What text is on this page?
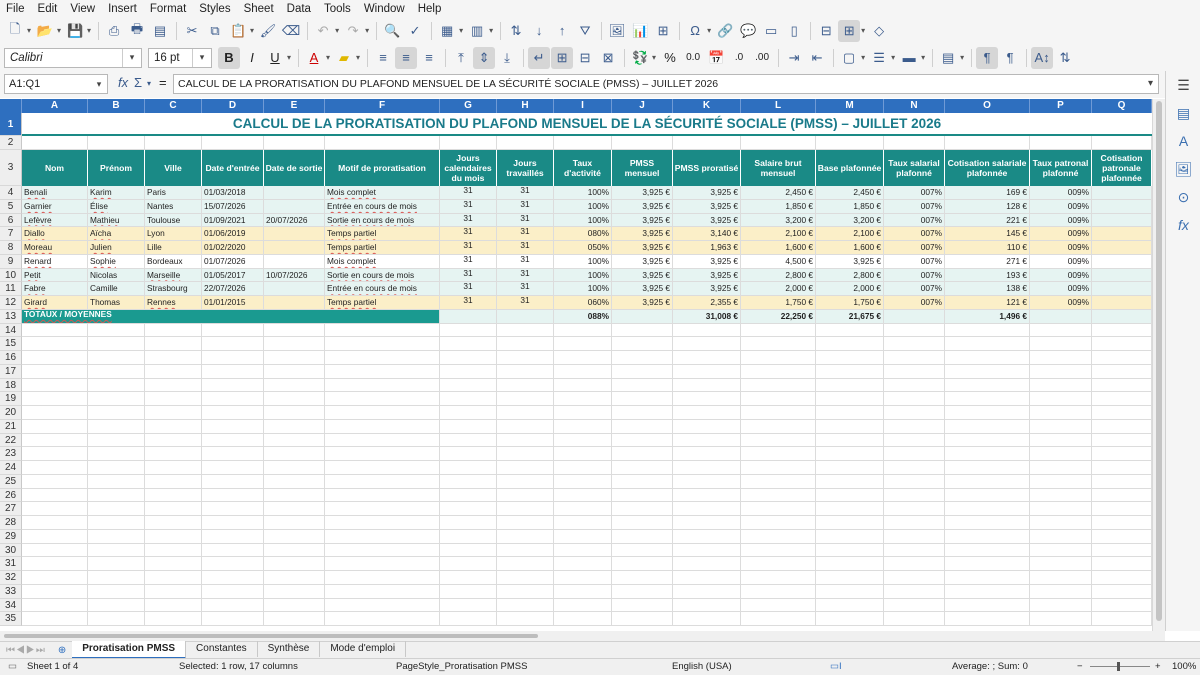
File	Edit	View	Insert	Format	Styles	Sheet	Data	Tools	Window	Help
🗋 ▾ 📂 ▾ 💾 ▾	⎙ 🖶 ▤	✂ ⧉ 📋 ▾ 🖌 ⌫	↶ ▾ ↷ ▾ 🔍 ✓	▦ ▾ ▥ ▾	⇅	↓	↑	⛛	🖼 📊 ⊞	Ω ▾ 🔗 💬 ▭	▯	⊟ ⊞ ▾ ◇
Calibri	▾	16 pt	▾	B	I	U ▾	A ▾ ▰ ▾	≡	≡	≡	⤒	⇕	⤓	↵ ⊞ ⊟ ⊠	💱 ▾ %	0.0 📅	.0	.00	⇥ ⇤	▢ ▾ ☰ ▾ ▬ ▾	▤ ▾	¶	¶	A↕ ⇅
A1:Q1	▾	fx Σ ▾ =	CALCUL DE LA PRORATISATION DU PLAFOND MENSUEL DE LA SÉCURITÉ SOCIALE (PMSS) – JUILLET 2026	▾
A	B	C	D	E	F	G	H	I	J	K	L	M	N	O	P	Q
1
2
3
4
5
6
7
8
9
10
11
12
13
14
15
16
17
18
19
20
21
22
23
24
25
26
27
28
29
30
31
32
33
34
35
CALCUL DE LA PRORATISATION DU PLAFOND MENSUEL DE LA SÉCURITÉ SOCIALE (PMSS) – JUILLET 2026
Nom	Prénom	Ville	Date d'entrée Date de sortie	Motif de proratisation
Jours calendaires du mois
Jours travaillés
Taux d'activité
PMSS mensuel	PMSS proratisé	Salaire brut mensuel	Base plafonnée Taux salarial plafonné
Cotisation salariale plafonnée
Taux patronal plafonné
Cotisation patronale plafonnée
Benali	Karim	Paris	01/03/2018	Mois complet	31	31	100%	3,925 €	3,925 €	2,450 €	2,450 €	007%	169 €	009%
Garnier	Élise	Nantes	15/07/2026	Entrée en cours de mois	31	31	100%	3,925 €	3,925 €	1,850 €	1,850 €	007%	128 €	009%
Lefèvre	Mathieu	Toulouse	01/09/2021	20/07/2026	Sortie en cours de mois	31	31	100%	3,925 €	3,925 €	3,200 €	3,200 €	007%	221 €	009%
Diallo	Aïcha	Lyon	01/06/2019	Temps partiel	31	31	080%	3,925 €	3,140 €	2,100 €	2,100 €	007%	145 €	009%
Moreau	Julien	Lille	01/02/2020	Temps partiel	31	31	050%	3,925 €	1,963 €	1,600 €	1,600 €	007%	110 €	009%
Renard	Sophie	Bordeaux	01/07/2026	Mois complet	31	31	100%	3,925 €	3,925 €	4,500 €	3,925 €	007%	271 €	009%
Petit	Nicolas	Marseille	01/05/2017	10/07/2026	Sortie en cours de mois	31	31	100%	3,925 €	3,925 €	2,800 €	2,800 €	007%	193 €	009%
Fabre	Camille	Strasbourg	22/07/2026	Entrée en cours de mois	31	31	100%	3,925 €	3,925 €	2,000 €	2,000 €	007%	138 €	009%
Girard	Thomas	Rennes	01/01/2015	Temps partiel	31	31	060%	3,925 €	2,355 €	1,750 €	1,750 €	007%	121 €	009%
TOTAUX / MOYENNES	088%	31,008 €	22,250 €	21,675 €	1,496 €
☰
▤
A
🖼
⊙
fx
⏮◀▶⏭	⊕	Proratisation PMSS	Constantes	Synthèse	Mode d'emploi
▭ Sheet 1 of 4	Selected: 1 row, 17 columns	PageStyle_Proratisation PMSS	English (USA)	▭I	Average: ; Sum: 0	−	+ 100%
